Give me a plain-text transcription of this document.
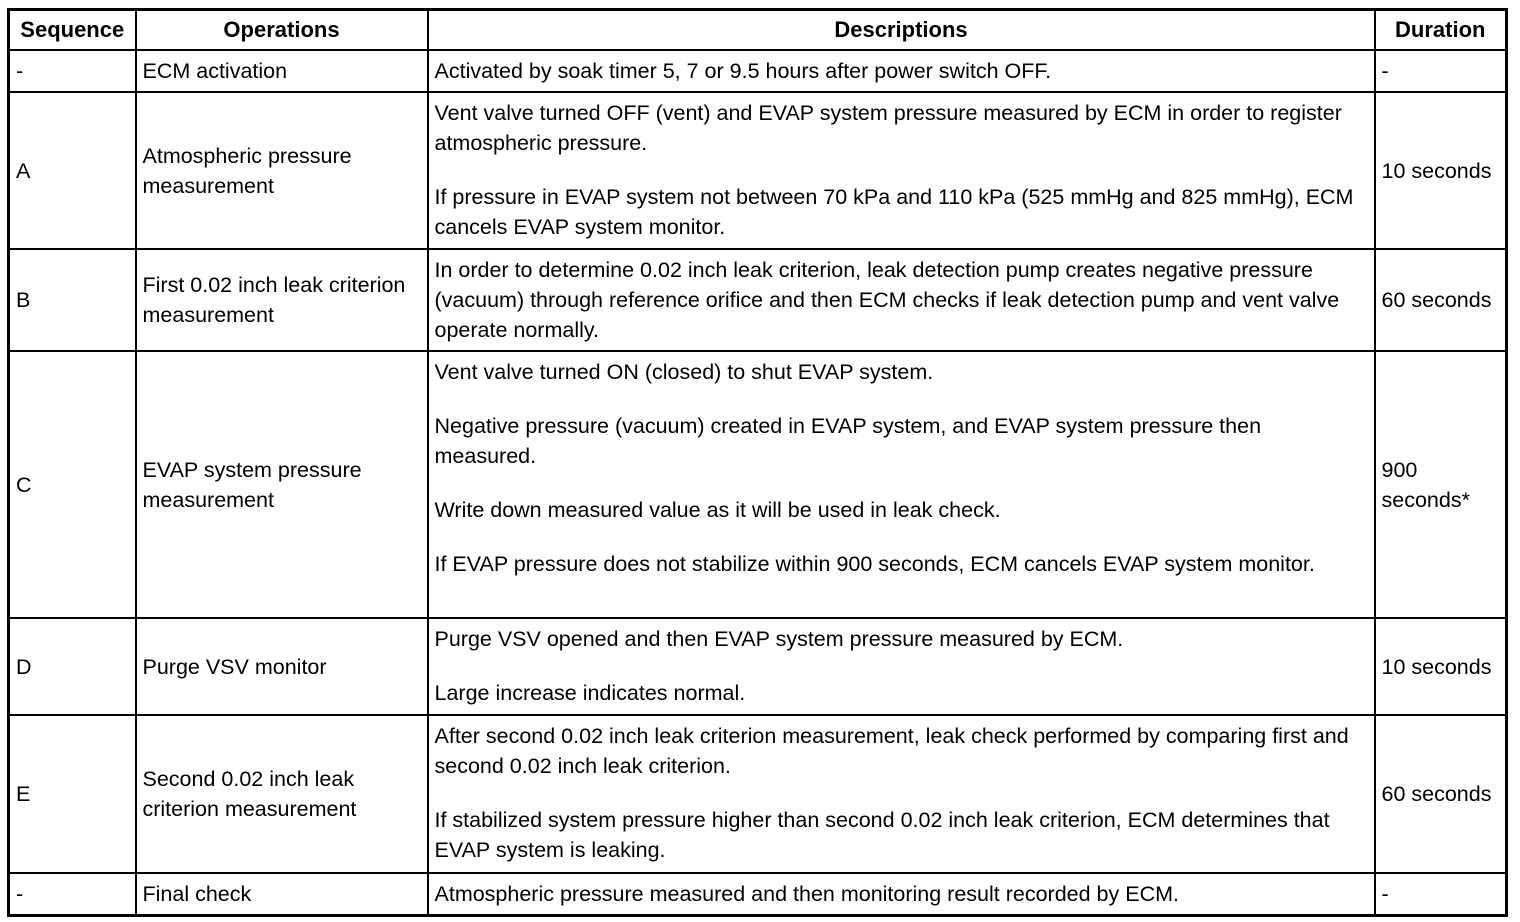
Sequence	Operations	Descriptions	Duration
-	ECM activation	Activated by soak timer 5, 7 or 9.5 hours after power switch OFF.	-
A	Atmospheric pressure measurement	Vent valve turned OFF (vent) and EVAP system pressure measured by ECM in order to register atmospheric pressure.

If pressure in EVAP system not between 70 kPa and 110 kPa (525 mmHg and 825 mmHg), ECM cancels EVAP system monitor.	10 seconds
B	First 0.02 inch leak criterion measurement	In order to determine 0.02 inch leak criterion, leak detection pump creates negative pressure (vacuum) through reference orifice and then ECM checks if leak detection pump and vent valve operate normally.	60 seconds
C	EVAP system pressure measurement	Vent valve turned ON (closed) to shut EVAP system.

Negative pressure (vacuum) created in EVAP system, and EVAP system pressure then measured.

Write down measured value as it will be used in leak check.

If EVAP pressure does not stabilize within 900 seconds, ECM cancels EVAP system monitor.	900 seconds*
D	Purge VSV monitor	Purge VSV opened and then EVAP system pressure measured by ECM.

Large increase indicates normal.	10 seconds
E	Second 0.02 inch leak criterion measurement	After second 0.02 inch leak criterion measurement, leak check performed by comparing first and second 0.02 inch leak criterion.

If stabilized system pressure higher than second 0.02 inch leak criterion, ECM determines that EVAP system is leaking.	60 seconds
-	Final check	Atmospheric pressure measured and then monitoring result recorded by ECM.	-
